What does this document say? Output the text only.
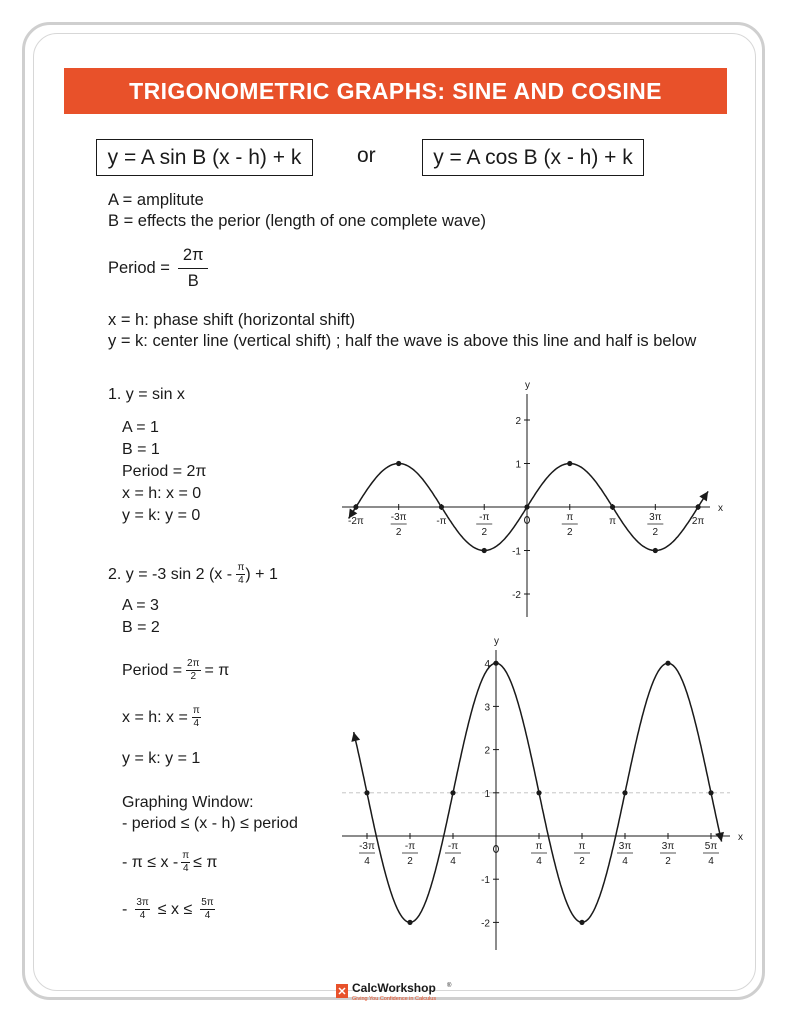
TRIGONOMETRIC GRAPHS: SINE AND COSINE
y = A sin B (x - h) + k	or	y = A cos B (x - h) + k
A = amplitute
B = effects the perior (length of one complete wave)
Period = $\frac{2\pi}{B}$
x = h: phase shift (horizontal shift)
y = k: center line (vertical shift) ; half the wave is above this line and half is below
1. y = sin x
A = 1
B = 1
Period = 2π
x = h: x = 0
y = k: y = 0
2. y = -3 sin 2 ($x - \frac{\pi}{4}$ ) + 1
A = 3
B = 2
Period = $\frac{2\pi}{2} = \pi$
x = h: $x = \frac{\pi}{4}$
y = k: y = 1
Graphing Window:
- period ≤ (x - h) ≤ period
- $\pi \le x - \frac{\pi}{4} \le \pi$
- $\frac{3\pi}{4} \le x \le \frac{5\pi}{4}$
x
y
2
1
-1
-2
-2π	-3π
2
-π	-π
2
π
2
π	3π
2
2π
x
y
4
3
2
1
-1
-2
-3π
4
-π
2
-π
4
π
4
π
2
3π
4
3π
2
5π
4
CalcWorkshop ®
Giving You Confidence in Calculus
